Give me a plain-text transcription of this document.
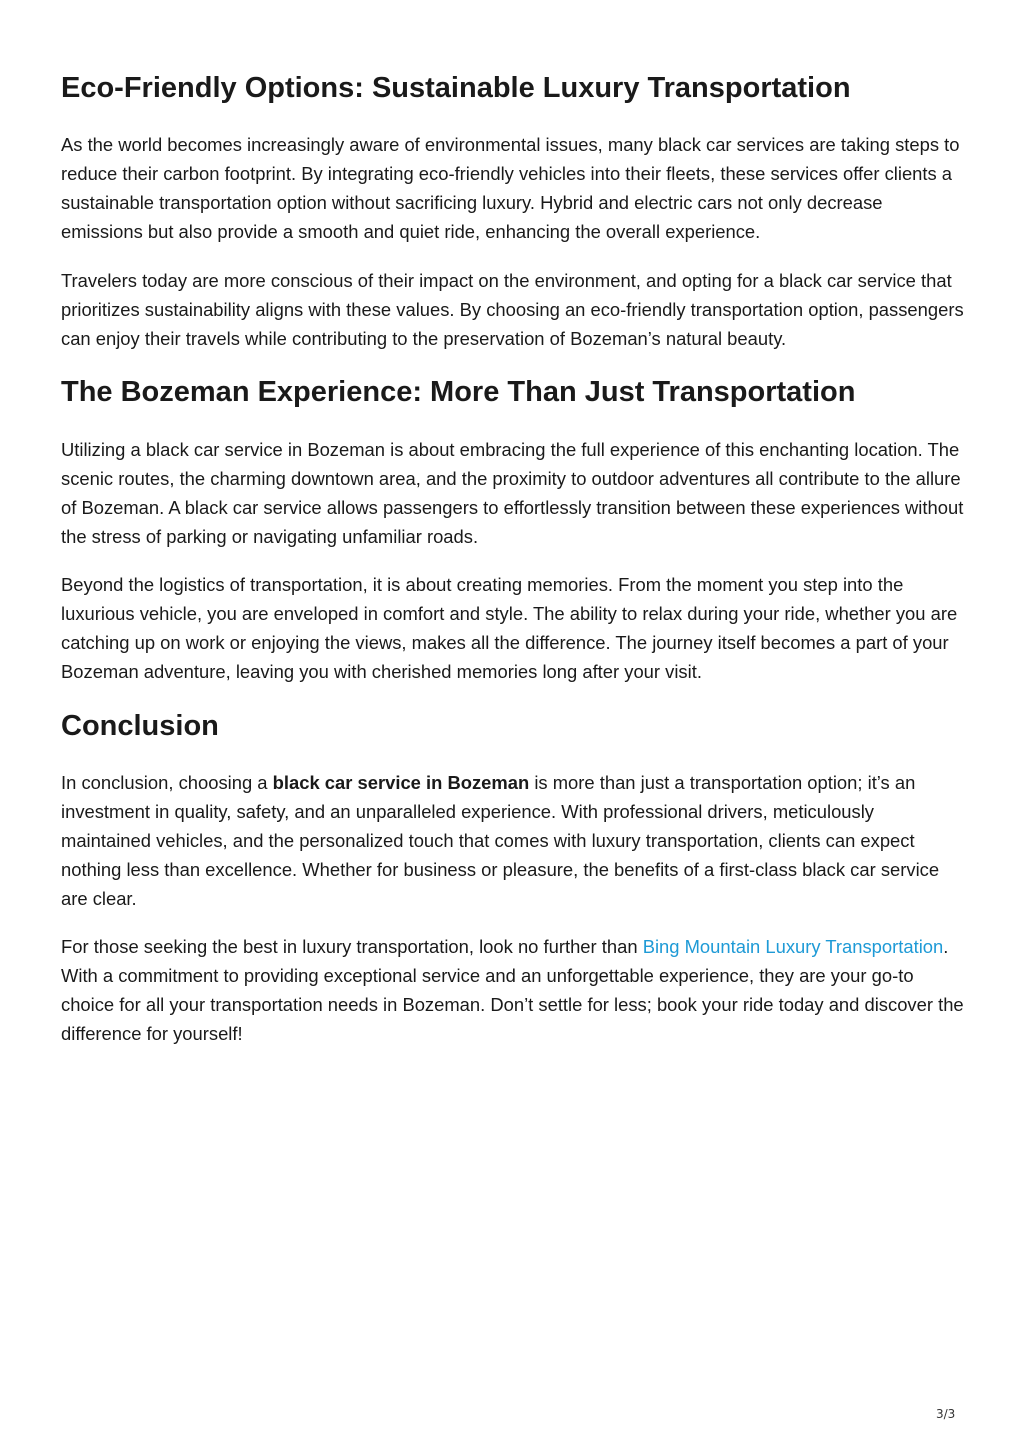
Eco-Friendly Options: Sustainable Luxury Transportation

As the world becomes increasingly aware of environmental issues, many black car services are taking steps to reduce their carbon footprint. By integrating eco-friendly vehicles into their fleets, these services offer clients a sustainable transportation option without sacrificing luxury. Hybrid and electric cars not only decrease emissions but also provide a smooth and quiet ride, enhancing the overall experience.

Travelers today are more conscious of their impact on the environment, and opting for a black car service that prioritizes sustainability aligns with these values. By choosing an eco-friendly transportation option, passengers can enjoy their travels while contributing to the preservation of Bozeman’s natural beauty.

The Bozeman Experience: More Than Just Transportation

Utilizing a black car service in Bozeman is about embracing the full experience of this enchanting location. The scenic routes, the charming downtown area, and the proximity to outdoor adventures all contribute to the allure of Bozeman. A black car service allows passengers to effortlessly transition between these experiences without the stress of parking or navigating unfamiliar roads.

Beyond the logistics of transportation, it is about creating memories. From the moment you step into the luxurious vehicle, you are enveloped in comfort and style. The ability to relax during your ride, whether you are catching up on work or enjoying the views, makes all the difference. The journey itself becomes a part of your Bozeman adventure, leaving you with cherished memories long after your visit.

Conclusion

In conclusion, choosing a black car service in Bozeman is more than just a transportation option; it’s an investment in quality, safety, and an unparalleled experience. With professional drivers, meticulously maintained vehicles, and the personalized touch that comes with luxury transportation, clients can expect nothing less than excellence. Whether for business or pleasure, the benefits of a first-class black car service are clear.

For those seeking the best in luxury transportation, look no further than Bing Mountain Luxury Transportation. With a commitment to providing exceptional service and an unforgettable experience, they are your go-to choice for all your transportation needs in Bozeman. Don’t settle for less; book your ride today and discover the difference for yourself!

3/3
